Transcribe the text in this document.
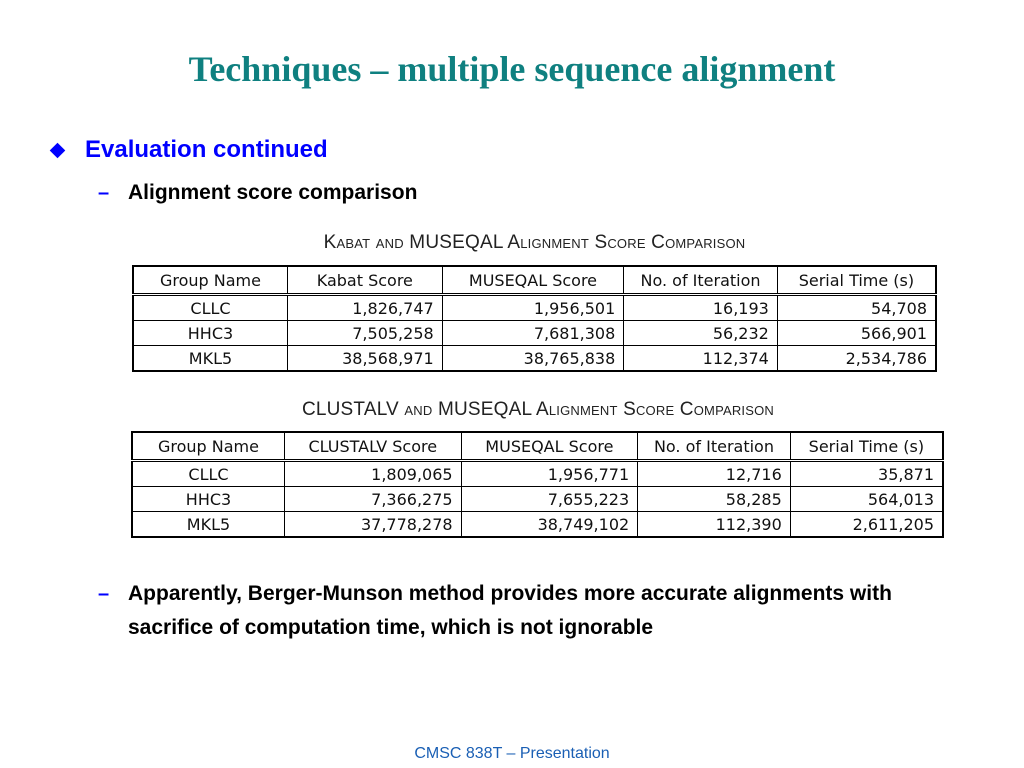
Techniques – multiple sequence alignment
Evaluation continued
– Alignment score comparison
Kabat and MUSEQAL Alignment Score Comparison
Group Name	Kabat Score	MUSEQAL Score	No. of Iteration	Serial Time (s)
CLLC	1,826,747	1,956,501	16,193	54,708
HHC3	7,505,258	7,681,308	56,232	566,901
MKL5	38,568,971	38,765,838	112,374	2,534,786
CLUSTALV and MUSEQAL Alignment Score Comparison
Group Name	CLUSTALV Score	MUSEQAL Score	No. of Iteration	Serial Time (s)
CLLC	1,809,065	1,956,771	12,716	35,871
HHC3	7,366,275	7,655,223	58,285	564,013
MKL5	37,778,278	38,749,102	112,390	2,611,205
– Apparently, Berger-Munson method provides more accurate alignments with sacrifice of computation time, which is not ignorable
CMSC 838T – Presentation
